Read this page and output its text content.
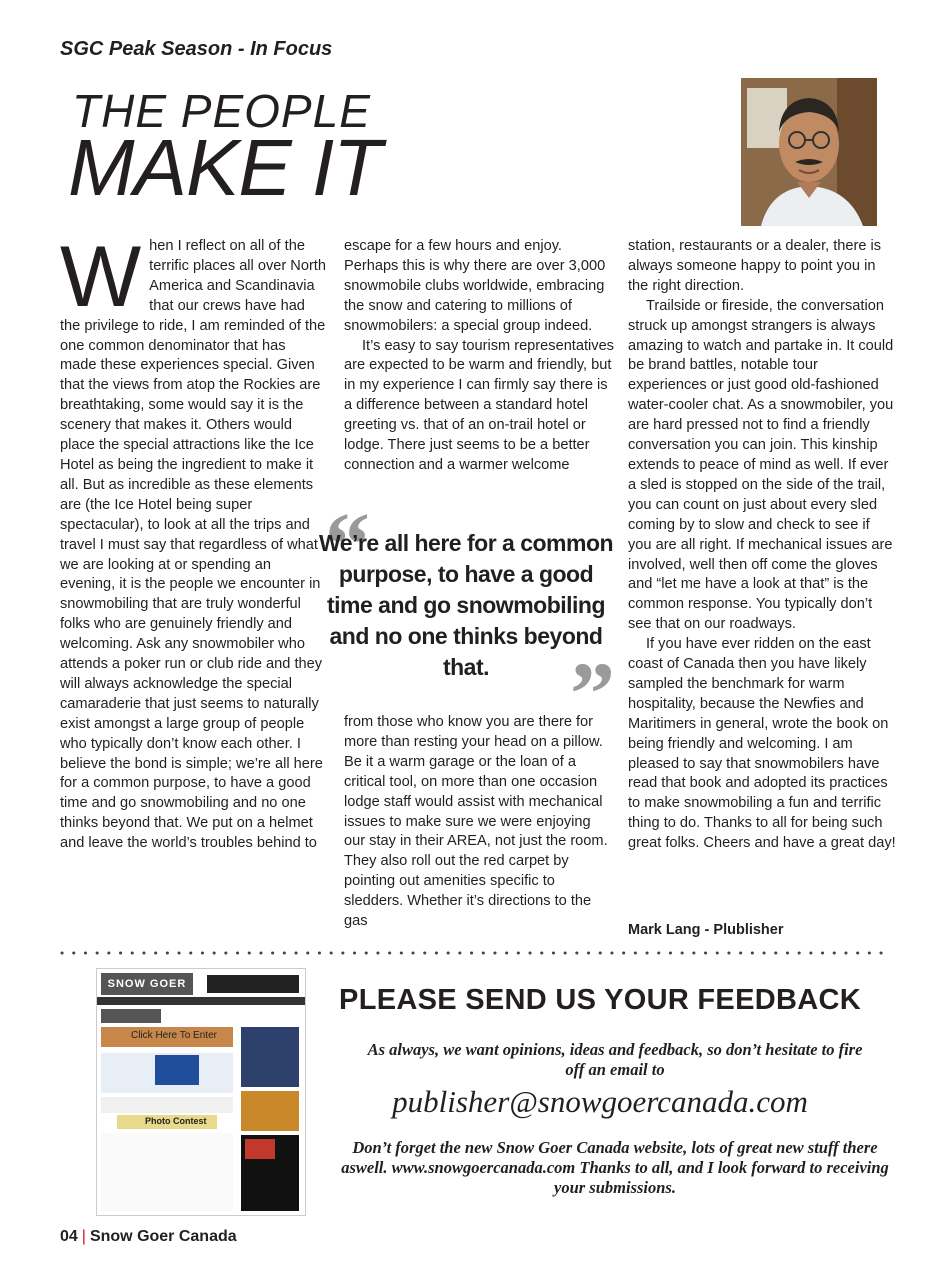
SGC Peak Season - In Focus
THE PEOPLE
MAKE IT
W hen I reflect on all of the terrific places all over North America and Scandinavia that our crews have had the privilege to ride, I am reminded of the one common denominator that has made these experiences special. Given that the views from atop the Rockies are breathtaking, some would say it is the scenery that makes it. Others would place the special attractions like the Ice Hotel as being the ingredient to make it all. But as incredible as these elements are (the Ice Hotel being super spectacular), to look at all the trips and travel I must say that regardless of what we are looking at or spending an evening, it is the people we encounter in snowmobiling that are truly wonderful folks who are genuinely friendly and welcoming. Ask any snowmobiler who attends a poker run or club ride and they will always acknowledge the special camaraderie that just seems to naturally exist amongst a large group of people who typically don’t know each other. I believe the bond is simple; we’re all here for a common purpose, to have a good time and go snowmobiling and no one thinks beyond that. We put on a helmet and leave the world’s troubles behind to

escape for a few hours and enjoy. Perhaps this is why there are over 3,000 snowmobile clubs worldwide, embracing the snow and catering to millions of snowmobilers: a special group indeed.

It’s easy to say tourism representatives are expected to be warm and friendly, but in my experience I can firmly say there is a difference between a standard hotel greeting vs. that of an on-trail hotel or lodge. There just seems to be a better connection and a warmer welcome

“
We’re all here for a common purpose, to have a good time and go snowmobiling and no one thinks beyond that. ”

from those who know you are there for more than resting your head on a pillow. Be it a warm garage or the loan of a critical tool, on more than one occasion lodge staff would assist with mechanical issues to make sure we were enjoying our stay in their AREA, not just the room. They also roll out the red carpet by pointing out amenities specific to sledders. Whether it’s directions to the gas

station, restaurants or a dealer, there is always someone happy to point you in the right direction.

Trailside or fireside, the conversation struck up amongst strangers is always amazing to watch and partake in. It could be brand battles, notable tour experiences or just good old-fashioned water-cooler chat. As a snowmobiler, you are hard pressed not to find a friendly conversation you can join. This kinship extends to peace of mind as well. If ever a sled is stopped on the side of the trail, you can count on just about every sled coming by to slow and check to see if you are all right. If mechanical issues are involved, well then off come the gloves and “let me have a look at that” is the common response. You typically don’t see that on our roadways.

If you have ever ridden on the east coast of Canada then you have likely sampled the benchmark for warm hospitality, because the Newfies and Maritimers in general, wrote the book on being friendly and welcoming. I am pleased to say that snowmobilers have read that book and adopted its practices to make snowmobiling a fun and terrific thing to do. Thanks to all for being such great folks. Cheers and have a great day!

Mark Lang - Plublisher
SNOW GOER
Click Here To Enter
Photo Contest
PLEASE SEND US YOUR FEEDBACK
As always, we want opinions, ideas and feedback, so don’t hesitate to fire off an email to
publisher@snowgoercanada.com
Don’t forget the new Snow Goer Canada website, lots of great new stuff there aswell. www.snowgoercanada.com Thanks to all, and I look forward to receiving your submissions.
04 | Snow Goer Canada
